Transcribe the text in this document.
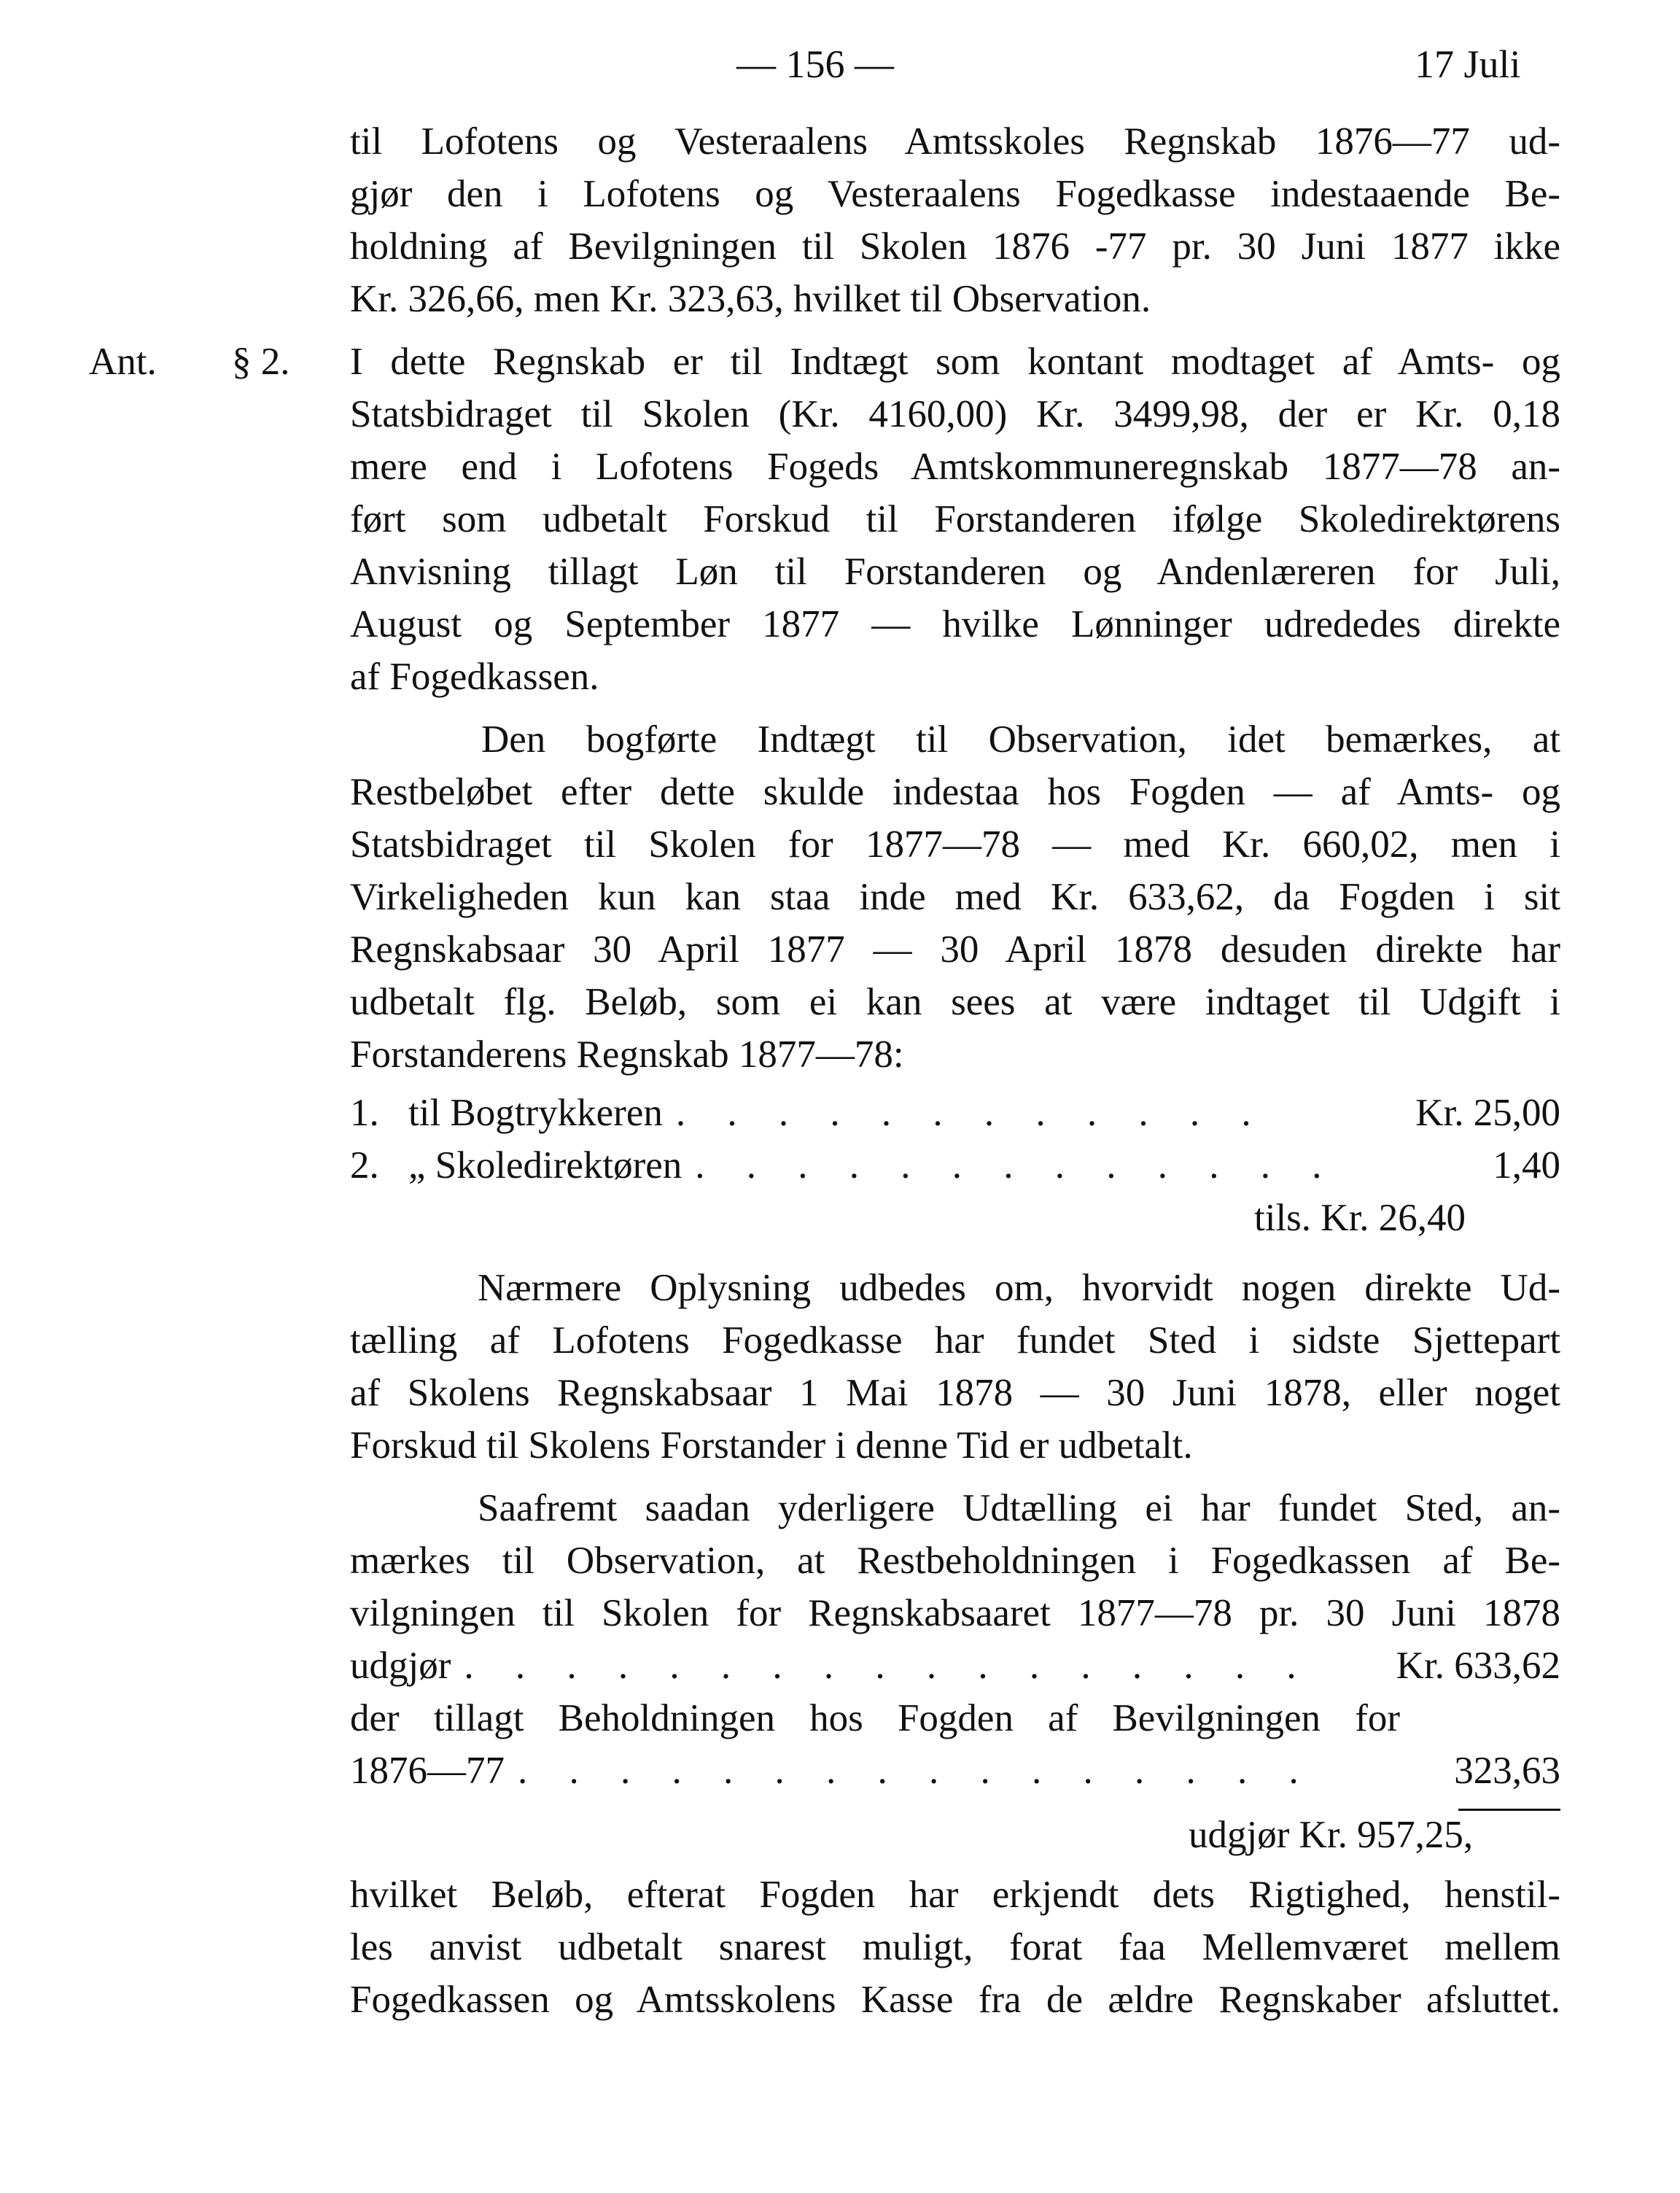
— 156 —	17 Juli
til Lofotens og Vesteraalens Amtsskoles Regnskab 1876—77 ud-
gjør den i Lofotens og Vesteraalens Fogedkasse indestaaende Be-
holdning af Bevilgningen til Skolen 1876 -77 pr. 30 Juni 1877 ikke
Kr. 326,66, men Kr. 323,63, hvilket til Observation.
Ant. § 2. I dette Regnskab er til Indtægt som kontant modtaget af Amts- og
Statsbidraget til Skolen (Kr. 4160,00) Kr. 3499,98, der er Kr. 0,18
mere end i Lofotens Fogeds Amtskommuneregnskab 1877—78 an-
ført som udbetalt Forskud til Forstanderen ifølge Skoledirektørens
Anvisning tillagt Løn til Forstanderen og Andenlæreren for Juli,
August og September 1877 — hvilke Lønninger udrededes direkte
af Fogedkassen.
Den bogførte Indtægt til Observation, idet bemærkes, at
Restbeløbet efter dette skulde indestaa hos Fogden — af Amts- og
Statsbidraget til Skolen for 1877—78 — med Kr. 660,02, men i
Virkeligheden kun kan staa inde med Kr. 633,62, da Fogden i sit
Regnskabsaar 30 April 1877 — 30 April 1878 desuden direkte har
udbetalt flg. Beløb, som ei kan sees at være indtaget til Udgift i
Forstanderens Regnskab 1877—78:
1. til Bogtrykkeren . . . . . . . . . . . .	Kr. 25,00
2. „ Skoledirektøren . . . . . . . . . . . . .	1,40
tils. Kr. 26,40
Nærmere Oplysning udbedes om, hvorvidt nogen direkte Ud-
tælling af Lofotens Fogedkasse har fundet Sted i sidste Sjettepart
af Skolens Regnskabsaar 1 Mai 1878 — 30 Juni 1878, eller noget
Forskud til Skolens Forstander i denne Tid er udbetalt.
Saafremt saadan yderligere Udtælling ei har fundet Sted, an-
mærkes til Observation, at Restbeholdningen i Fogedkassen af Be-
vilgningen til Skolen for Regnskabsaaret 1877—78 pr. 30 Juni 1878
udgjør . . . . . . . . . . . . . . . . .	Kr. 633,62
der tillagt Beholdningen hos Fogden af Bevilgningen for
1876—77 . . . . . . . . . . . . . . . .	323,63
udgjør Kr. 957,25,
hvilket Beløb, efterat Fogden har erkjendt dets Rigtighed, henstil-
les anvist udbetalt snarest muligt, forat faa Mellemværet mellem
Fogedkassen og Amtsskolens Kasse fra de ældre Regnskaber afsluttet.
